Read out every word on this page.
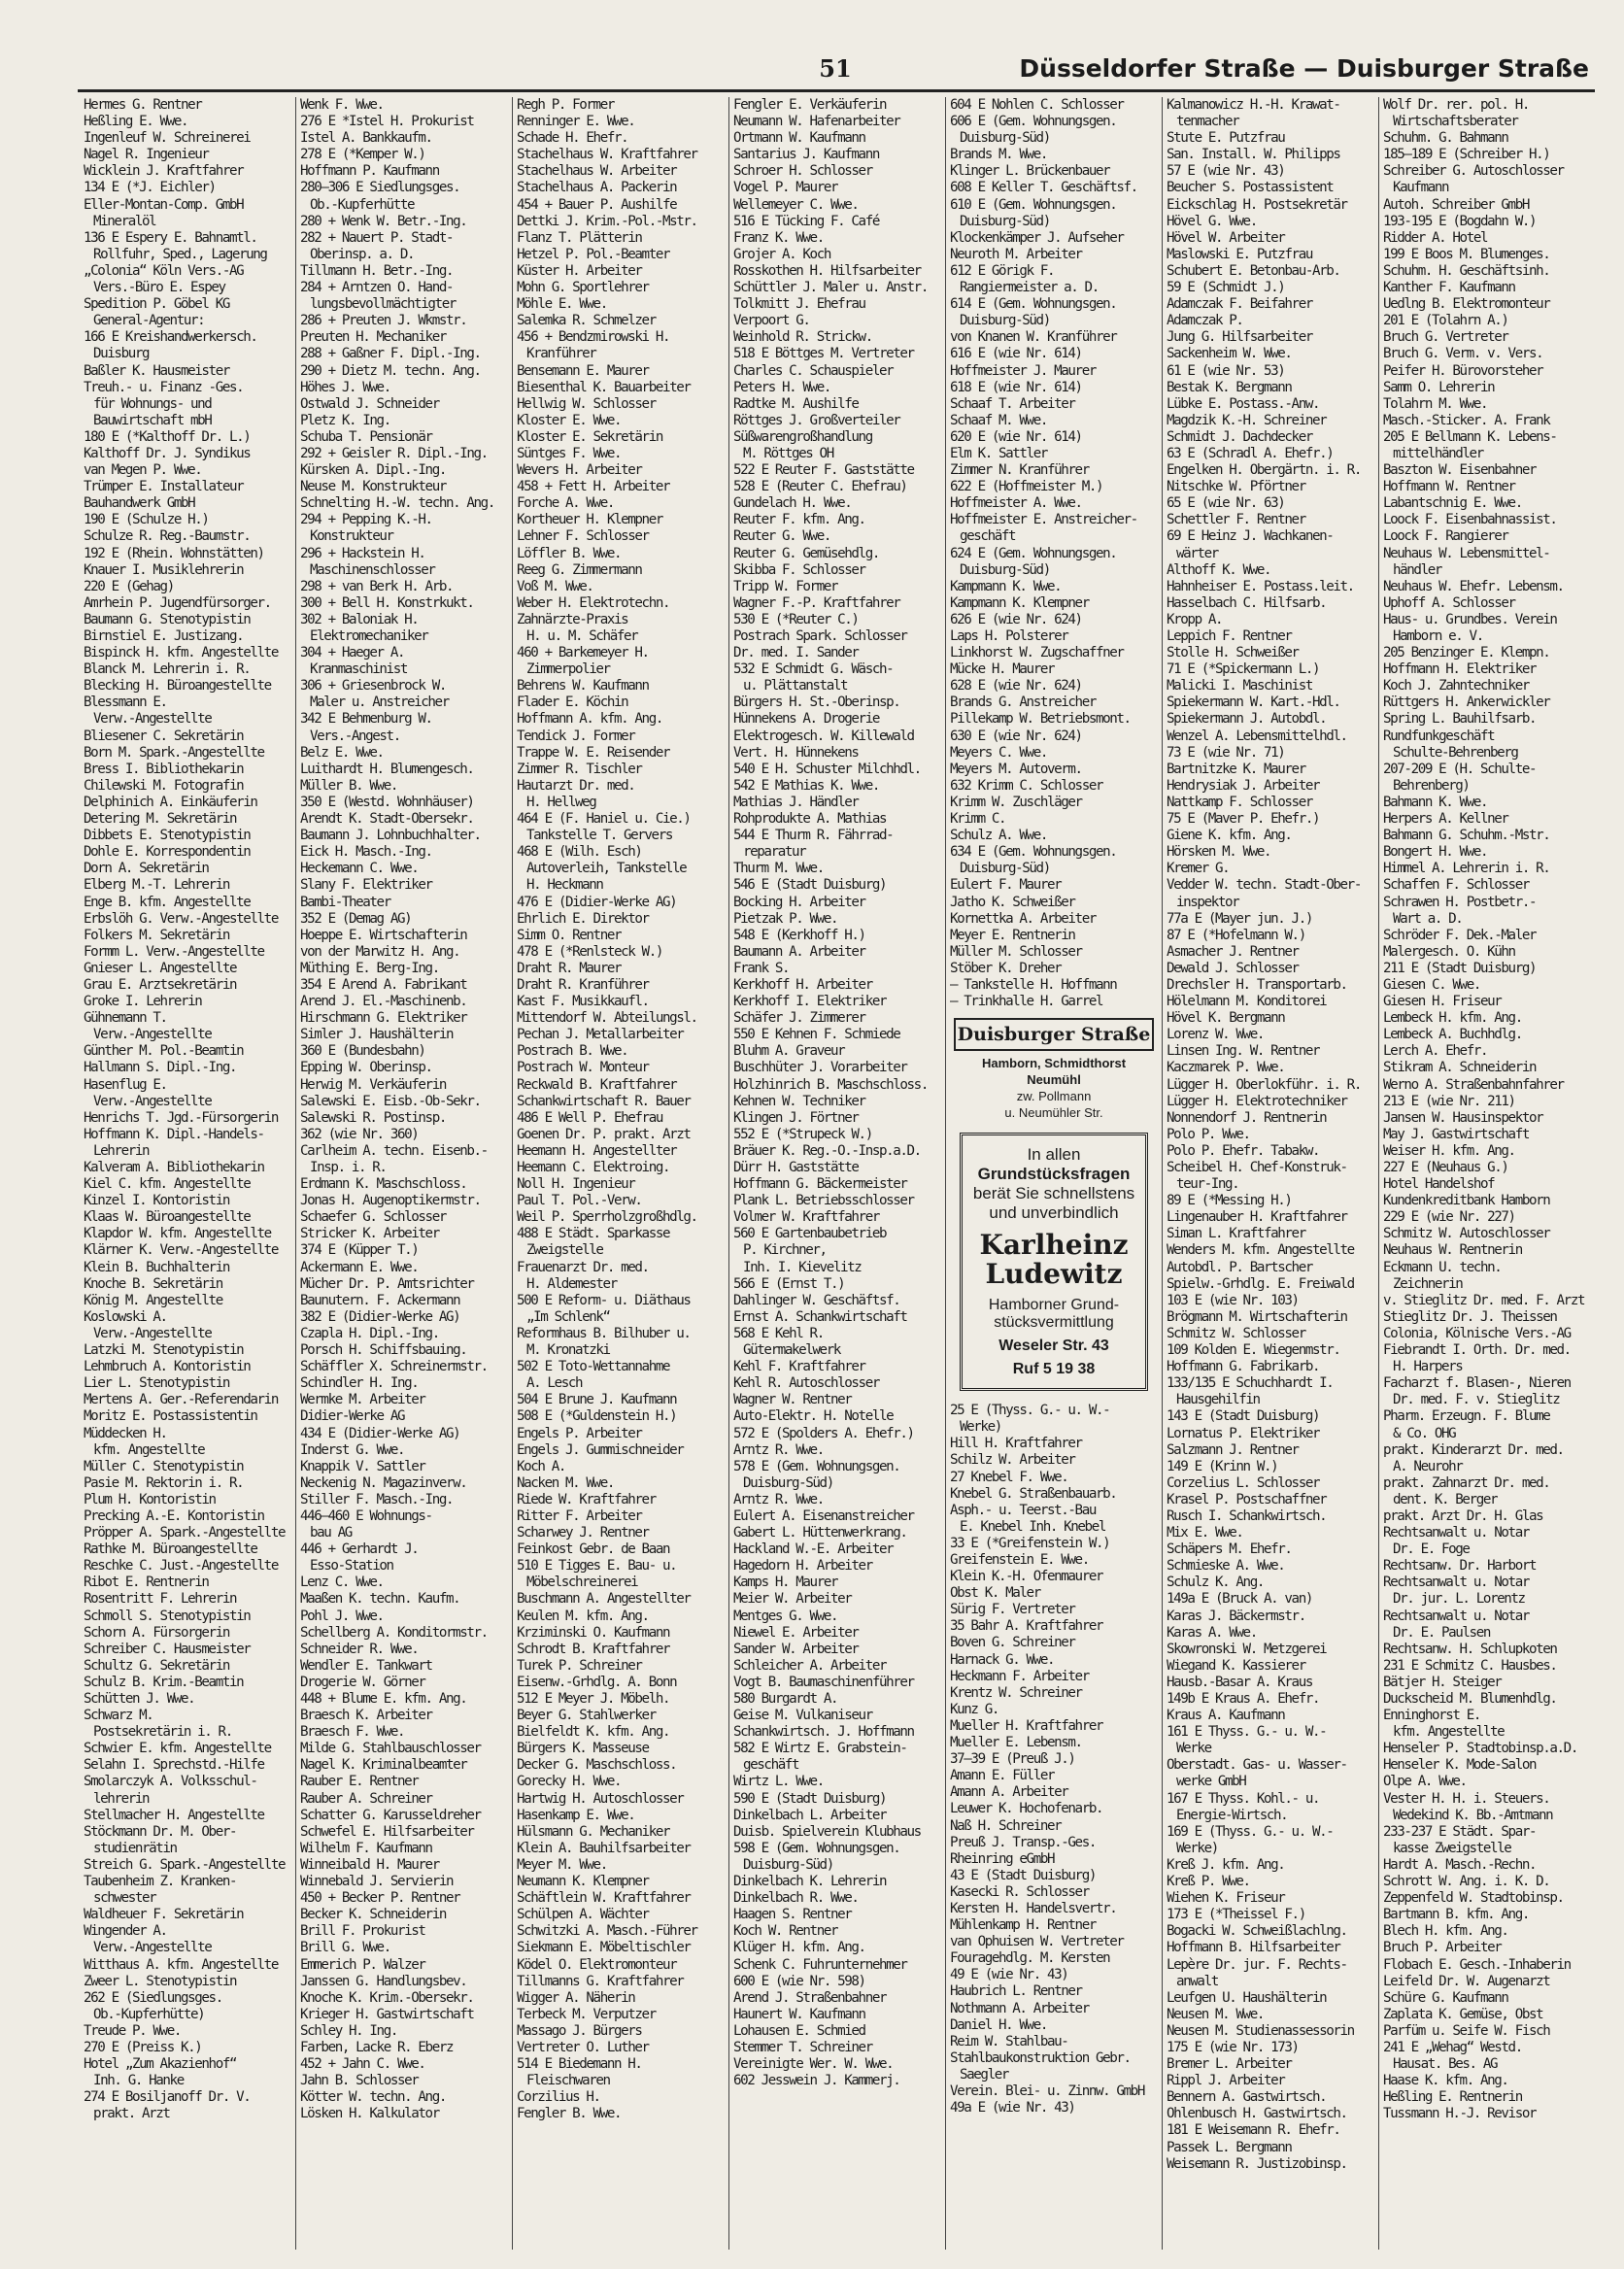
51	Düsseldorfer Straße — Duisburger Straße
Hermes G. Rentner
Heßling E. Wwe.
Ingenleuf W. Schreinerei
Nagel R. Ingenieur
Wicklein J. Kraftfahrer
134 E (*J. Eichler)
Eller-Montan-Comp. GmbH
Mineralöl
136 E Espery E. Bahnamtl.
Rollfuhr, Sped., Lagerung
„Colonia“ Köln Vers.-AG
Vers.-Büro E. Espey
Spedition P. Göbel KG
General-Agentur:
166 E Kreishandwerkersch.
Duisburg
Baßler K. Hausmeister
Treuh.- u. Finanz -Ges.
für Wohnungs- und
Bauwirtschaft mbH
180 E (*Kalthoff Dr. L.)
Kalthoff Dr. J. Syndikus
van Megen P. Wwe.
Trümper E. Installateur
Bauhandwerk GmbH
190 E (Schulze H.)
Schulze R. Reg.-Baumstr.
192 E (Rhein. Wohnstätten)
Knauer I. Musiklehrerin
220 E (Gehag)
Amrhein P. Jugendfürsorger.
Baumann G. Stenotypistin
Birnstiel E. Justizang.
Bispinck H. kfm. Angestellte
Blanck M. Lehrerin i. R.
Blecking H. Büroangestellte
Blessmann E.
Verw.-Angestellte
Bliesener C. Sekretärin
Born M. Spark.-Angestellte
Bress I. Bibliothekarin
Chilewski M. Fotografin
Delphinich A. Einkäuferin
Detering M. Sekretärin
Dibbets E. Stenotypistin
Dohle E. Korrespondentin
Dorn A. Sekretärin
Elberg M.-T. Lehrerin
Enge B. kfm. Angestellte
Erbslöh G. Verw.-Angestellte
Folkers M. Sekretärin
Formm L. Verw.-Angestellte
Gnieser L. Angestellte
Grau E. Arztsekretärin
Groke I. Lehrerin
Gühnemann T.
Verw.-Angestellte
Günther M. Pol.-Beamtin
Hallmann S. Dipl.-Ing.
Hasenflug E.
Verw.-Angestellte
Henrichs T. Jgd.-Fürsorgerin
Hoffmann K. Dipl.-Handels-
Lehrerin
Kalveram A. Bibliothekarin
Kiel C. kfm. Angestellte
Kinzel I. Kontoristin
Klaas W. Büroangestellte
Klapdor W. kfm. Angestellte
Klärner K. Verw.-Angestellte
Klein B. Buchhalterin
Knoche B. Sekretärin
König M. Angestellte
Koslowski A.
Verw.-Angestellte
Latzki M. Stenotypistin
Lehmbruch A. Kontoristin
Lier L. Stenotypistin
Mertens A. Ger.-Referendarin
Moritz E. Postassistentin
Müddecken H.
kfm. Angestellte
Müller C. Stenotypistin
Pasie M. Rektorin i. R.
Plum H. Kontoristin
Precking A.-E. Kontoristin
Pröpper A. Spark.-Angestellte
Rathke M. Büroangestellte
Reschke C. Just.-Angestellte
Ribot E. Rentnerin
Rosentritt F. Lehrerin
Schmoll S. Stenotypistin
Schorn A. Fürsorgerin
Schreiber C. Hausmeister
Schultz G. Sekretärin
Schulz B. Krim.-Beamtin
Schütten J. Wwe.
Schwarz M.
Postsekretärin i. R.
Schwier E. kfm. Angestellte
Selahn I. Sprechstd.-Hilfe
Smolarczyk A. Volksschul-
lehrerin
Stellmacher H. Angestellte
Stöckmann Dr. M. Ober-
studienrätin
Streich G. Spark.-Angestellte
Taubenheim Z. Kranken-
schwester
Waldheuer F. Sekretärin
Wingender A.
Verw.-Angestellte
Witthaus A. kfm. Angestellte
Zweer L. Stenotypistin
262 E (Siedlungsges.
Ob.-Kupferhütte)
Treude P. Wwe.
270 E (Preiss K.)
Hotel „Zum Akazienhof“
Inh. G. Hanke
274 E Bosiljanoff Dr. V.
prakt. Arzt
Wenk F. Wwe.
276 E *Istel H. Prokurist
Istel A. Bankkaufm.
278 E (*Kemper W.)
Hoffmann P. Kaufmann
280—306 E Siedlungsges.
Ob.-Kupferhütte
280 + Wenk W. Betr.-Ing.
282 + Nauert P. Stadt-
Oberinsp. a. D.
Tillmann H. Betr.-Ing.
284 + Arntzen O. Hand-
lungsbevollmächtigter
286 + Preuten J. Wkmstr.
Preuten H. Mechaniker
288 + Gaßner F. Dipl.-Ing.
290 + Dietz M. techn. Ang.
Höhes J. Wwe.
Ostwald J. Schneider
Pletz K. Ing.
Schuba T. Pensionär
292 + Geisler R. Dipl.-Ing.
Kürsken A. Dipl.-Ing.
Neuse M. Konstrukteur
Schnelting H.-W. techn. Ang.
294 + Pepping K.-H.
Konstrukteur
296 + Hackstein H.
Maschinenschlosser
298 + van Berk H. Arb.
300 + Bell H. Konstrkukt.
302 + Baloniak H.
Elektromechaniker
304 + Haeger A.
Kranmaschinist
306 + Griesenbrock W.
Maler u. Anstreicher
342 E Behmenburg W.
Vers.-Angest.
Belz E. Wwe.
Luithardt H. Blumengesch.
Müller B. Wwe.
350 E (Westd. Wohnhäuser)
Arendt K. Stadt-Obersekr.
Baumann J. Lohnbuchhalter.
Eick H. Masch.-Ing.
Heckemann C. Wwe.
Slany F. Elektriker
Bambi-Theater
352 E (Demag AG)
Hoeppe E. Wirtschafterin
von der Marwitz H. Ang.
Müthing E. Berg-Ing.
354 E Arend A. Fabrikant
Arend J. El.-Maschinenb.
Hirschmann G. Elektriker
Simler J. Haushälterin
360 E (Bundesbahn)
Epping W. Oberinsp.
Herwig M. Verkäuferin
Salewski E. Eisb.-Ob-Sekr.
Salewski R. Postinsp.
362 (wie Nr. 360)
Carlheim A. techn. Eisenb.-
Insp. i. R.
Erdmann K. Maschschloss.
Jonas H. Augenoptikermstr.
Schaefer G. Schlosser
Stricker K. Arbeiter
374 E (Küpper T.)
Ackermann E. Wwe.
Mücher Dr. P. Amtsrichter
Baunutern. F. Ackermann
382 E (Didier-Werke AG)
Czapla H. Dipl.-Ing.
Porsch H. Schiffsbauing.
Schäffler X. Schreinermstr.
Schindler H. Ing.
Wermke M. Arbeiter
Didier-Werke AG
434 E (Didier-Werke AG)
Inderst G. Wwe.
Knappik V. Sattler
Neckenig N. Magazinverw.
Stiller F. Masch.-Ing.
446—460 E Wohnungs-
bau AG
446 + Gerhardt J.
Esso-Station
Lenz C. Wwe.
Maaßen K. techn. Kaufm.
Pohl J. Wwe.
Schellberg A. Konditormstr.
Schneider R. Wwe.
Wendler E. Tankwart
Drogerie W. Görner
448 + Blume E. kfm. Ang.
Braesch K. Arbeiter
Braesch F. Wwe.
Milde G. Stahlbauschlosser
Nagel K. Kriminalbeamter
Rauber E. Rentner
Rauber A. Schreiner
Schatter G. Karusseldreher
Schwefel E. Hilfsarbeiter
Wilhelm F. Kaufmann
Winneibald H. Maurer
Winnebald J. Servierin
450 + Becker P. Rentner
Becker K. Schneiderin
Brill F. Prokurist
Brill G. Wwe.
Emmerich P. Walzer
Janssen G. Handlungsbev.
Knoche K. Krim.-Obersekr.
Krieger H. Gastwirtschaft
Schley H. Ing.
Farben, Lacke R. Eberz
452 + Jahn C. Wwe.
Jahn B. Schlosser
Kötter W. techn. Ang.
Lösken H. Kalkulator
Regh P. Former
Renninger E. Wwe.
Schade H. Ehefr.
Stachelhaus W. Kraftfahrer
Stachelhaus W. Arbeiter
Stachelhaus A. Packerin
454 + Bauer P. Aushilfe
Dettki J. Krim.-Pol.-Mstr.
Flanz T. Plätterin
Hetzel P. Pol.-Beamter
Küster H. Arbeiter
Mohn G. Sportlehrer
Möhle E. Wwe.
Salemka R. Schmelzer
456 + Bendzmirowski H.
Kranführer
Bensemann E. Maurer
Biesenthal K. Bauarbeiter
Hellwig W. Schlosser
Kloster E. Wwe.
Kloster E. Sekretärin
Süntges F. Wwe.
Wevers H. Arbeiter
458 + Fett H. Arbeiter
Forche A. Wwe.
Kortheuer H. Klempner
Lehner F. Schlosser
Löffler B. Wwe.
Reeg G. Zimmermann
Voß M. Wwe.
Weber H. Elektrotechn.
Zahnärzte-Praxis
H. u. M. Schäfer
460 + Barkemeyer H.
Zimmerpolier
Behrens W. Kaufmann
Flader E. Köchin
Hoffmann A. kfm. Ang.
Tendick J. Former
Trappe W. E. Reisender
Zimmer R. Tischler
Hautarzt Dr. med.
H. Hellweg
464 E (F. Haniel u. Cie.)
Tankstelle T. Gervers
468 E (Wilh. Esch)
Autoverleih, Tankstelle
H. Heckmann
476 E (Didier-Werke AG)
Ehrlich E. Direktor
Simm O. Rentner
478 E (*Renlsteck W.)
Draht R. Maurer
Draht R. Kranführer
Kast F. Musikkaufl.
Mittendorf W. Abteilungsl.
Pechan J. Metallarbeiter
Postrach B. Wwe.
Postrach W. Monteur
Reckwald B. Kraftfahrer
Schankwirtschaft R. Bauer
486 E Well P. Ehefrau
Goenen Dr. P. prakt. Arzt
Heemann H. Angestellter
Heemann C. Elektroing.
Noll H. Ingenieur
Paul T. Pol.-Verw.
Weil P. Sperrholzgroßhdlg.
488 E Städt. Sparkasse
Zweigstelle
Frauenarzt Dr. med.
H. Aldemester
500 E Reform- u. Diäthaus
„Im Schlenk“
Reformhaus B. Bilhuber u.
M. Kronatzki
502 E Toto-Wettannahme
A. Lesch
504 E Brune J. Kaufmann
508 E (*Guldenstein H.)
Engels P. Arbeiter
Engels J. Gummischneider
Koch A.
Nacken M. Wwe.
Riede W. Kraftfahrer
Ritter F. Arbeiter
Scharwey J. Rentner
Feinkost Gebr. de Baan
510 E Tigges E. Bau- u.
Möbelschreinerei
Buschmann A. Angestellter
Keulen M. kfm. Ang.
Krziminski O. Kaufmann
Schrodt B. Kraftfahrer
Turek P. Schreiner
Eisenw.-Grhdlg. A. Bonn
512 E Meyer J. Möbelh.
Beyer G. Stahlwerker
Bielfeldt K. kfm. Ang.
Bürgers K. Masseuse
Decker G. Maschschloss.
Gorecky H. Wwe.
Hartwig H. Autoschlosser
Hasenkamp E. Wwe.
Hülsmann G. Mechaniker
Klein A. Bauhilfsarbeiter
Meyer M. Wwe.
Neumann K. Klempner
Schäftlein W. Kraftfahrer
Schülpen A. Wächter
Schwitzki A. Masch.-Führer
Siekmann E. Möbeltischler
Ködel O. Elektromonteur
Tillmanns G. Kraftfahrer
Wigger A. Näherin
Terbeck M. Verputzer
Massago J. Bürgers
Vertreter O. Luther
514 E Biedemann H.
Fleischwaren
Corzilius H.
Fengler B. Wwe.
Fengler E. Verkäuferin
Neumann W. Hafenarbeiter
Ortmann W. Kaufmann
Santarius J. Kaufmann
Schroer H. Schlosser
Vogel P. Maurer
Wellemeyer C. Wwe.
516 E Tücking F. Café
Franz K. Wwe.
Grojer A. Koch
Rosskothen H. Hilfsarbeiter
Schüttler J. Maler u. Anstr.
Tolkmitt J. Ehefrau
Verpoort G.
Weinhold R. Strickw.
518 E Böttges M. Vertreter
Charles C. Schauspieler
Peters H. Wwe.
Radtke M. Aushilfe
Röttges J. Großverteiler
Süßwarengroßhandlung
M. Röttges OH
522 E Reuter F. Gaststätte
528 E (Reuter C. Ehefrau)
Gundelach H. Wwe.
Reuter F. kfm. Ang.
Reuter G. Wwe.
Reuter G. Gemüsehdlg.
Skibba F. Schlosser
Tripp W. Former
Wagner F.-P. Kraftfahrer
530 E (*Reuter C.)
Postrach Spark. Schlosser
Dr. med. I. Sander
532 E Schmidt G. Wäsch-
u. Plättanstalt
Bürgers H. St.-Oberinsp.
Hünnekens A. Drogerie
Elektrogesch. W. Killewald
Vert. H. Hünnekens
540 E H. Schuster Milchhdl.
542 E Mathias K. Wwe.
Mathias J. Händler
Rohprodukte A. Mathias
544 E Thurm R. Fährrad-
reparatur
Thurm M. Wwe.
546 E (Stadt Duisburg)
Bocking H. Arbeiter
Pietzak P. Wwe.
548 E (Kerkhoff H.)
Baumann A. Arbeiter
Frank S.
Kerkhoff H. Arbeiter
Kerkhoff I. Elektriker
Schäfer J. Zimmerer
550 E Kehnen F. Schmiede
Bluhm A. Graveur
Buschhüter J. Vorarbeiter
Holzhinrich B. Maschschloss.
Kehnen W. Techniker
Klingen J. Förtner
552 E (*Strupeck W.)
Bräuer K. Reg.-O.-Insp.a.D.
Dürr H. Gaststätte
Hoffmann G. Bäckermeister
Plank L. Betriebsschlosser
Volmer W. Kraftfahrer
560 E Gartenbaubetrieb
P. Kirchner,
Inh. I. Kievelitz
566 E (Ernst T.)
Dahlinger W. Geschäftsf.
Ernst A. Schankwirtschaft
568 E Kehl R.
Gütermakelwerk
Kehl F. Kraftfahrer
Kehl R. Autoschlosser
Wagner W. Rentner
Auto-Elektr. H. Notelle
572 E (Spolders A. Ehefr.)
Arntz R. Wwe.
578 E (Gem. Wohnungsgen.
Duisburg-Süd)
Arntz R. Wwe.
Eulert A. Eisenanstreicher
Gabert L. Hüttenwerkrang.
Hackland W.-E. Arbeiter
Hagedorn H. Arbeiter
Kamps H. Maurer
Meier W. Arbeiter
Mentges G. Wwe.
Niewel E. Arbeiter
Sander W. Arbeiter
Schleicher A. Arbeiter
Vogt B. Baumaschinenführer
580 Burgardt A.
Geise M. Vulkaniseur
Schankwirtsch. J. Hoffmann
582 E Wirtz E. Grabstein-
geschäft
Wirtz L. Wwe.
590 E (Stadt Duisburg)
Dinkelbach L. Arbeiter
Duisb. Spielverein Klubhaus
598 E (Gem. Wohnungsgen.
Duisburg-Süd)
Dinkelbach K. Lehrerin
Dinkelbach R. Wwe.
Haagen S. Rentner
Koch W. Rentner
Klüger H. kfm. Ang.
Schenk C. Fuhrunternehmer
600 E (wie Nr. 598)
Arend J. Straßenbahner
Haunert W. Kaufmann
Lohausen E. Schmied
Stemmer T. Schreiner
Vereinigte Wer. W. Wwe.
602 Jesswein J. Kammerj.
604 E Nohlen C. Schlosser
606 E (Gem. Wohnungsgen.
Duisburg-Süd)
Brands M. Wwe.
Klinger L. Brückenbauer
608 E Keller T. Geschäftsf.
610 E (Gem. Wohnungsgen.
Duisburg-Süd)
Klockenkämper J. Aufseher
Neuroth M. Arbeiter
612 E Görigk F.
Rangiermeister a. D.
614 E (Gem. Wohnungsgen.
Duisburg-Süd)
von Knanen W. Kranführer
616 E (wie Nr. 614)
Hoffmeister J. Maurer
618 E (wie Nr. 614)
Schaaf T. Arbeiter
Schaaf M. Wwe.
620 E (wie Nr. 614)
Elm K. Sattler
Zimmer N. Kranführer
622 E (Hoffmeister M.)
Hoffmeister A. Wwe.
Hoffmeister E. Anstreicher-
geschäft
624 E (Gem. Wohnungsgen.
Duisburg-Süd)
Kampmann K. Wwe.
Kampmann K. Klempner
626 E (wie Nr. 624)
Laps H. Polsterer
Linkhorst W. Zugschaffner
Mücke H. Maurer
628 E (wie Nr. 624)
Brands G. Anstreicher
Pillekamp W. Betriebsmont.
630 E (wie Nr. 624)
Meyers C. Wwe.
Meyers M. Autoverm.
632 Krimm C. Schlosser
Krimm W. Zuschläger
Krimm C.
Schulz A. Wwe.
634 E (Gem. Wohnungsgen.
Duisburg-Süd)
Eulert F. Maurer
Jatho K. Schweißer
Kornettka A. Arbeiter
Meyer E. Rentnerin
Müller M. Schlosser
Stöber K. Dreher
— Tankstelle H. Hoffmann
— Trinkhalle H. Garrel
Duisburger Straße
Hamborn, Schmidthorst
Neumühl
zw. Pollmann
u. Neumühler Str.
In allen
Grundstücksfragen
berät Sie schnellstens
und unverbindlich
Karlheinz
Ludewitz
Hamborner Grund-
stücksvermittlung
Weseler Str. 43
Ruf 5 19 38
25 E (Thyss. G.- u. W.-
Werke)
Hill H. Kraftfahrer
Schilz W. Arbeiter
27 Knebel F. Wwe.
Knebel G. Straßenbauarb.
Asph.- u. Teerst.-Bau
E. Knebel Inh. Knebel
33 E (*Greifenstein W.)
Greifenstein E. Wwe.
Klein K.-H. Ofenmaurer
Obst K. Maler
Sürig F. Vertreter
35 Bahr A. Kraftfahrer
Boven G. Schreiner
Harnack G. Wwe.
Heckmann F. Arbeiter
Krentz W. Schreiner
Kunz G.
Mueller H. Kraftfahrer
Mueller E. Lebensm.
37—39 E (Preuß J.)
Amann E. Füller
Amann A. Arbeiter
Leuwer K. Hochofenarb.
Naß H. Schreiner
Preuß J. Transp.-Ges.
Rheinring eGmbH
43 E (Stadt Duisburg)
Kasecki R. Schlosser
Kersten H. Handelsvertr.
Mühlenkamp H. Rentner
van Ophuisen W. Vertreter
Fouragehdlg. M. Kersten
49 E (wie Nr. 43)
Haubrich L. Rentner
Nothmann A. Arbeiter
Daniel H. Wwe.
Reim W. Stahlbau-
Stahlbaukonstruktion Gebr.
Saegler
Verein. Blei- u. Zinnw. GmbH
49a E (wie Nr. 43)
Kalmanowicz H.-H. Krawat-
tenmacher
Stute E. Putzfrau
San. Install. W. Philipps
57 E (wie Nr. 43)
Beucher S. Postassistent
Eickschlag H. Postsekretär
Hövel G. Wwe.
Hövel W. Arbeiter
Maslowski E. Putzfrau
Schubert E. Betonbau-Arb.
59 E (Schmidt J.)
Adamczak F. Beifahrer
Adamczak P.
Jung G. Hilfsarbeiter
Sackenheim W. Wwe.
61 E (wie Nr. 53)
Bestak K. Bergmann
Lübke E. Postass.-Anw.
Magdzik K.-H. Schreiner
Schmidt J. Dachdecker
63 E (Schradl A. Ehefr.)
Engelken H. Obergärtn. i. R.
Nitschke W. Pförtner
65 E (wie Nr. 63)
Schettler F. Rentner
69 E Heinz J. Wachkanen-
wärter
Althoff K. Wwe.
Hahnheiser E. Postass.leit.
Hasselbach C. Hilfsarb.
Kropp A.
Leppich F. Rentner
Stolle H. Schweißer
71 E (*Spickermann L.)
Malicki I. Maschinist
Spiekermann W. Kart.-Hdl.
Spiekermann J. Autobdl.
Wenzel A. Lebensmittelhdl.
73 E (wie Nr. 71)
Bartnitzke K. Maurer
Hendrysiak J. Arbeiter
Nattkamp F. Schlosser
75 E (Maver P. Ehefr.)
Giene K. kfm. Ang.
Hörsken M. Wwe.
Kremer G.
Vedder W. techn. Stadt-Ober-
inspektor
77a E (Mayer jun. J.)
87 E (*Hofelmann W.)
Asmacher J. Rentner
Dewald J. Schlosser
Drechsler H. Transportarb.
Hölelmann M. Konditorei
Hövel K. Bergmann
Lorenz W. Wwe.
Linsen Ing. W. Rentner
Kaczmarek P. Wwe.
Lügger H. Oberlokführ. i. R.
Lügger H. Elektrotechniker
Nonnendorf J. Rentnerin
Polo P. Wwe.
Polo P. Ehefr. Tabakw.
Scheibel H. Chef-Konstruk-
teur-Ing.
89 E (*Messing H.)
Lingenauber H. Kraftfahrer
Siman L. Kraftfahrer
Wenders M. kfm. Angestellte
Autobdl. P. Bartscher
Spielw.-Grhdlg. E. Freiwald
103 E (wie Nr. 103)
Brögmann M. Wirtschafterin
Schmitz W. Schlosser
109 Kolden E. Wiegenmstr.
Hoffmann G. Fabrikarb.
133/135 E Schuchhardt I.
Hausgehilfin
143 E (Stadt Duisburg)
Lornatus P. Elektriker
Salzmann J. Rentner
149 E (Krinn W.)
Corzelius L. Schlosser
Krasel P. Postschaffner
Rusch I. Schankwirtsch.
Mix E. Wwe.
Schäpers M. Ehefr.
Schmieske A. Wwe.
Schulz K. Ang.
149a E (Bruck A. van)
Karas J. Bäckermstr.
Karas A. Wwe.
Skowronski W. Metzgerei
Wiegand K. Kassierer
Hausb.-Basar A. Kraus
149b E Kraus A. Ehefr.
Kraus A. Kaufmann
161 E Thyss. G.- u. W.-
Werke
Oberstadt. Gas- u. Wasser-
werke GmbH
167 E Thyss. Kohl.- u.
Energie-Wirtsch.
169 E (Thyss. G.- u. W.-
Werke)
Kreß J. kfm. Ang.
Kreß P. Wwe.
Wiehen K. Friseur
173 E (*Theissel F.)
Bogacki W. Schweißlachlng.
Hoffmann B. Hilfsarbeiter
Lepère Dr. jur. F. Rechts-
anwalt
Leufgen U. Haushälterin
Neusen M. Wwe.
Neusen M. Studienassessorin
175 E (wie Nr. 173)
Bremer L. Arbeiter
Rippl J. Arbeiter
Bennern A. Gastwirtsch.
Ohlenbusch H. Gastwirtsch.
181 E Weisemann R. Ehefr.
Passek L. Bergmann
Weisemann R. Justizobinsp.
Wolf Dr. rer. pol. H.
Wirtschaftsberater
Schuhm. G. Bahmann
185—189 E (Schreiber H.)
Schreiber G. Autoschlosser
Kaufmann
Autoh. Schreiber GmbH
193-195 E (Bogdahn W.)
Ridder A. Hotel
199 E Boos M. Blumenges.
Schuhm. H. Geschäftsinh.
Kanther F. Kaufmann
Uedlng B. Elektromonteur
201 E (Tolahrn A.)
Bruch G. Vertreter
Bruch G. Verm. v. Vers.
Peifer H. Bürovorsteher
Samm O. Lehrerin
Tolahrn M. Wwe.
Masch.-Sticker. A. Frank
205 E Bellmann K. Lebens-
mittelhändler
Baszton W. Eisenbahner
Hoffmann W. Rentner
Labantschnig E. Wwe.
Loock F. Eisenbahnassist.
Loock F. Rangierer
Neuhaus W. Lebensmittel-
händler
Neuhaus W. Ehefr. Lebensm.
Uphoff A. Schlosser
Haus- u. Grundbes. Verein
Hamborn e. V.
205 Benzinger E. Klempn.
Hoffmann H. Elektriker
Koch J. Zahntechniker
Rüttgers H. Ankerwickler
Spring L. Bauhilfsarb.
Rundfunkgeschäft
Schulte-Behrenberg
207-209 E (H. Schulte-
Behrenberg)
Bahmann K. Wwe.
Herpers A. Kellner
Bahmann G. Schuhm.-Mstr.
Bongert H. Wwe.
Himmel A. Lehrerin i. R.
Schaffen F. Schlosser
Schrawen H. Postbetr.-
Wart a. D.
Schröder F. Dek.-Maler
Malergesch. O. Kühn
211 E (Stadt Duisburg)
Giesen C. Wwe.
Giesen H. Friseur
Lembeck H. kfm. Ang.
Lembeck A. Buchhdlg.
Lerch A. Ehefr.
Stikram A. Schneiderin
Werno A. Straßenbahnfahrer
213 E (wie Nr. 211)
Jansen W. Hausinspektor
May J. Gastwirtschaft
Weiser H. kfm. Ang.
227 E (Neuhaus G.)
Hotel Handelshof
Kundenkreditbank Hamborn
229 E (wie Nr. 227)
Schmitz W. Autoschlosser
Neuhaus W. Rentnerin
Eckmann U. techn.
Zeichnerin
v. Stieglitz Dr. med. F. Arzt
Stieglitz Dr. J. Theissen
Colonia, Kölnische Vers.-AG
Fiebrandt I. Orth. Dr. med.
H. Harpers
Facharzt f. Blasen-, Nieren
Dr. med. F. v. Stieglitz
Pharm. Erzeugn. F. Blume
& Co. OHG
prakt. Kinderarzt Dr. med.
A. Neurohr
prakt. Zahnarzt Dr. med.
dent. K. Berger
prakt. Arzt Dr. H. Glas
Rechtsanwalt u. Notar
Dr. E. Foge
Rechtsanw. Dr. Harbort
Rechtsanwalt u. Notar
Dr. jur. L. Lorentz
Rechtsanwalt u. Notar
Dr. E. Paulsen
Rechtsanw. H. Schlupkoten
231 E Schmitz C. Hausbes.
Bätjer H. Steiger
Duckscheid M. Blumenhdlg.
Enninghorst E.
kfm. Angestellte
Henseler P. Stadtobinsp.a.D.
Henseler K. Mode-Salon
Olpe A. Wwe.
Vester H. H. i. Steuers.
Wedekind K. Bb.-Amtmann
233-237 E Städt. Spar-
kasse Zweigstelle
Hardt A. Masch.-Rechn.
Schrott W. Ang. i. K. D.
Zeppenfeld W. Stadtobinsp.
Bartmann B. kfm. Ang.
Blech H. kfm. Ang.
Bruch P. Arbeiter
Flobach E. Gesch.-Inhaberin
Leifeld Dr. W. Augenarzt
Schüre G. Kaufmann
Zaplata K. Gemüse, Obst
Parfüm u. Seife W. Fisch
241 E „Wehag“ Westd.
Hausat. Bes. AG
Haase K. kfm. Ang.
Heßling E. Rentnerin
Tussmann H.-J. Revisor
